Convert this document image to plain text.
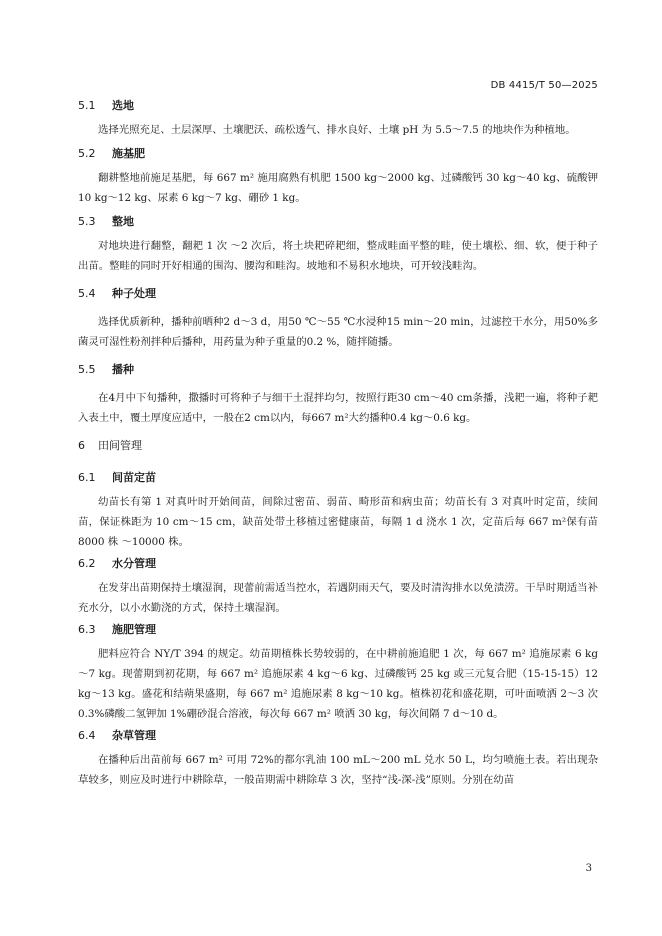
DB 4415/T 50—2025

5.1 选地

选择光照充足、土层深厚、土壤肥沃、疏松透气、排水良好、土壤 pH 为 5.5～7.5 的地块作为种植地。

5.2 施基肥

翻耕整地前施足基肥，每 667 m² 施用腐熟有机肥 1500 kg～2000 kg、过磷酸钙 30 kg～40 kg、硫酸钾 10 kg～12 kg、尿素 6 kg～7 kg、硼砂 1 kg。

5.3 整地

对地块进行翻整，翻耙 1 次 ～2 次后，将土块耙碎耙细，整成畦面平整的畦，使土壤松、细、软，便于种子出苗。整畦的同时开好相通的围沟、腰沟和畦沟。坡地和不易积水地块，可开较浅畦沟。

5.4 种子处理

选择优质新种，播种前晒种2 d～3 d，用50 ℃～55 ℃水浸种15 min～20 min，过滤控干水分，用50%多菌灵可湿性粉剂拌种后播种，用药量为种子重量的0.2 %，随拌随播。

5.5 播种

在4月中下旬播种，撒播时可将种子与细干土混拌均匀，按照行距30 cm～40 cm条播，浅耙一遍，将种子耙入表土中，覆土厚度应适中，一般在2 cm以内，每667 m²大约播种0.4 kg～0.6 kg。

6 田间管理

6.1 间苗定苗

幼苗长有第 1 对真叶时开始间苗，间除过密苗、弱苗、畸形苗和病虫苗；幼苗长有 3 对真叶时定苗，续间苗，保证株距为 10 cm～15 cm，缺苗处带土移植过密健康苗，每隔 1 d 浇水 1 次，定苗后每 667 m²保有苗 8000 株 ～10000 株。

6.2 水分管理

在发芽出苗期保持土壤湿润，现蕾前需适当控水，若遇阴雨天气，要及时清沟排水以免渍涝。干旱时期适当补充水分，以小水勤浇的方式，保持土壤湿润。

6.3 施肥管理

肥料应符合 NY/T 394 的规定。幼苗期植株长势较弱的，在中耕前施追肥 1 次，每 667 m² 追施尿素 6 kg～7 kg。现蕾期到初花期，每 667 m² 追施尿素 4 kg～6 kg、过磷酸钙 25 kg 或三元复合肥（15-15-15）12 kg～13 kg。盛花和结蒴果盛期，每 667 m² 追施尿素 8 kg～10 kg。植株初花和盛花期，可叶面喷洒 2～3 次 0.3%磷酸二氢钾加 1%硼砂混合溶液，每次每 667 m² 喷洒 30 kg，每次间隔 7 d～10 d。

6.4 杂草管理

在播种后出苗前每 667 m² 可用 72%的都尔乳油 100 mL～200 mL 兑水 50 L，均匀喷施土表。若出现杂草较多，则应及时进行中耕除草，一般苗期需中耕除草 3 次，坚持“浅-深-浅”原则。分别在幼苗

3
